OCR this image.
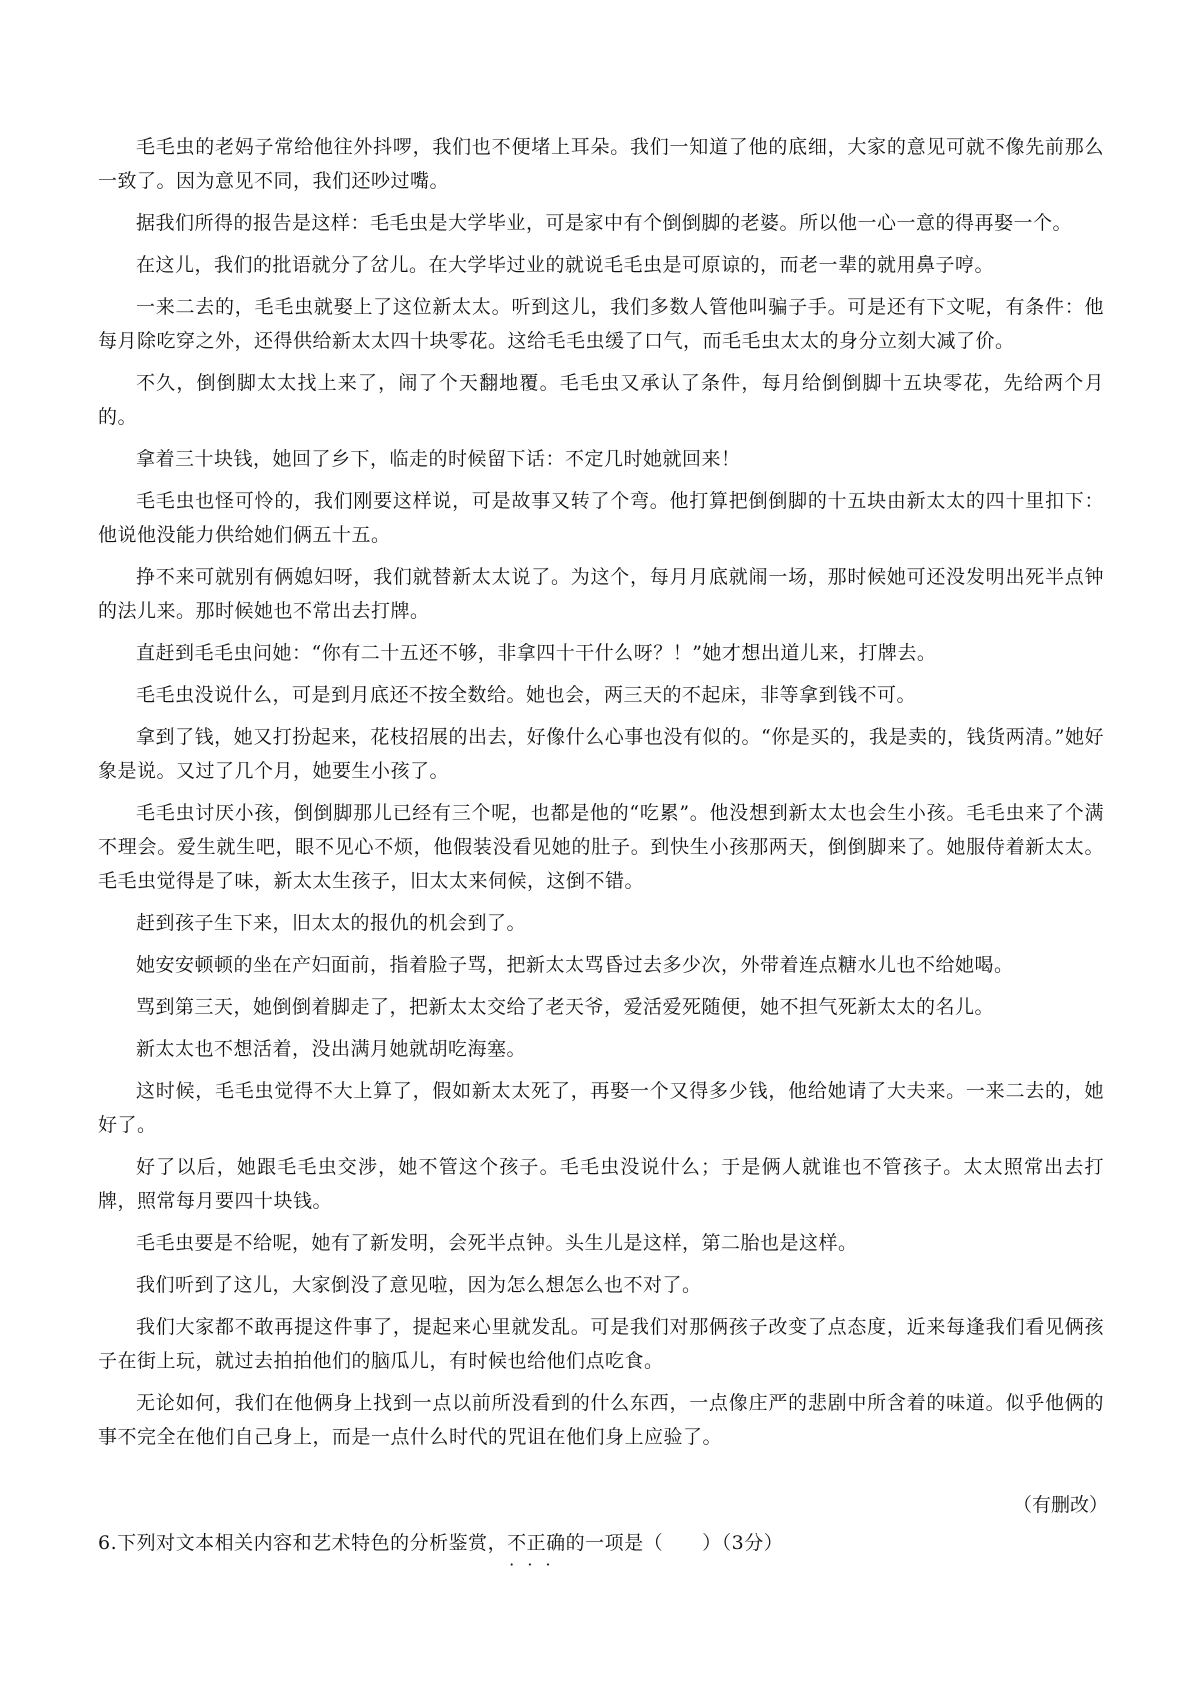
毛毛虫的老妈子常给他往外抖啰，我们也不便堵上耳朵。我们一知道了他的底细，大家的意见可就不像先前那么一致了。因为意见不同，我们还吵过嘴。

据我们所得的报告是这样：毛毛虫是大学毕业，可是家中有个倒倒脚的老婆。所以他一心一意的得再娶一个。

在这儿，我们的批语就分了岔儿。在大学毕过业的就说毛毛虫是可原谅的，而老一辈的就用鼻子哼。

一来二去的，毛毛虫就娶上了这位新太太。听到这儿，我们多数人管他叫骗子手。可是还有下文呢，有条件：他每月除吃穿之外，还得供给新太太四十块零花。这给毛毛虫缓了口气，而毛毛虫太太的身分立刻大减了价。

不久，倒倒脚太太找上来了，闹了个天翻地覆。毛毛虫又承认了条件，每月给倒倒脚十五块零花，先给两个月的。

拿着三十块钱，她回了乡下，临走的时候留下话：不定几时她就回来！

毛毛虫也怪可怜的，我们刚要这样说，可是故事又转了个弯。他打算把倒倒脚的十五块由新太太的四十里扣下：他说他没能力供给她们俩五十五。

挣不来可就别有俩媳妇呀，我们就替新太太说了。为这个，每月月底就闹一场，那时候她可还没发明出死半点钟的法儿来。那时候她也不常出去打牌。

直赶到毛毛虫问她：“你有二十五还不够，非拿四十干什么呀？！”她才想出道儿来，打牌去。

毛毛虫没说什么，可是到月底还不按全数给。她也会，两三天的不起床，非等拿到钱不可。

拿到了钱，她又打扮起来，花枝招展的出去，好像什么心事也没有似的。“你是买的，我是卖的，钱货两清。”她好象是说。又过了几个月，她要生小孩了。

毛毛虫讨厌小孩，倒倒脚那儿已经有三个呢，也都是他的“吃累”。他没想到新太太也会生小孩。毛毛虫来了个满不理会。爱生就生吧，眼不见心不烦，他假装没看见她的肚子。到快生小孩那两天，倒倒脚来了。她服侍着新太太。毛毛虫觉得是了味，新太太生孩子，旧太太来伺候，这倒不错。

赶到孩子生下来，旧太太的报仇的机会到了。

她安安顿顿的坐在产妇面前，指着脸子骂，把新太太骂昏过去多少次，外带着连点糖水儿也不给她喝。

骂到第三天，她倒倒着脚走了，把新太太交给了老天爷，爱活爱死随便，她不担气死新太太的名儿。

新太太也不想活着，没出满月她就胡吃海塞。

这时候，毛毛虫觉得不大上算了，假如新太太死了，再娶一个又得多少钱，他给她请了大夫来。一来二去的，她好了。

好了以后，她跟毛毛虫交涉，她不管这个孩子。毛毛虫没说什么；于是俩人就谁也不管孩子。太太照常出去打牌，照常每月要四十块钱。

毛毛虫要是不给呢，她有了新发明，会死半点钟。头生儿是这样，第二胎也是这样。

我们听到了这儿，大家倒没了意见啦，因为怎么想怎么也不对了。

我们大家都不敢再提这件事了，提起来心里就发乱。可是我们对那俩孩子改变了点态度，近来每逢我们看见俩孩子在街上玩，就过去拍拍他们的脑瓜儿，有时候也给他们点吃食。

无论如何，我们在他俩身上找到一点以前所没看到的什么东西，一点像庄严的悲剧中所含着的味道。似乎他俩的事不完全在他们自己身上，而是一点什么时代的咒诅在他们身上应验了。

（有删改）
6.下列对文本相关内容和艺术特色的分析鉴赏，不正确 · · ·的一项是（　　）（3分）
